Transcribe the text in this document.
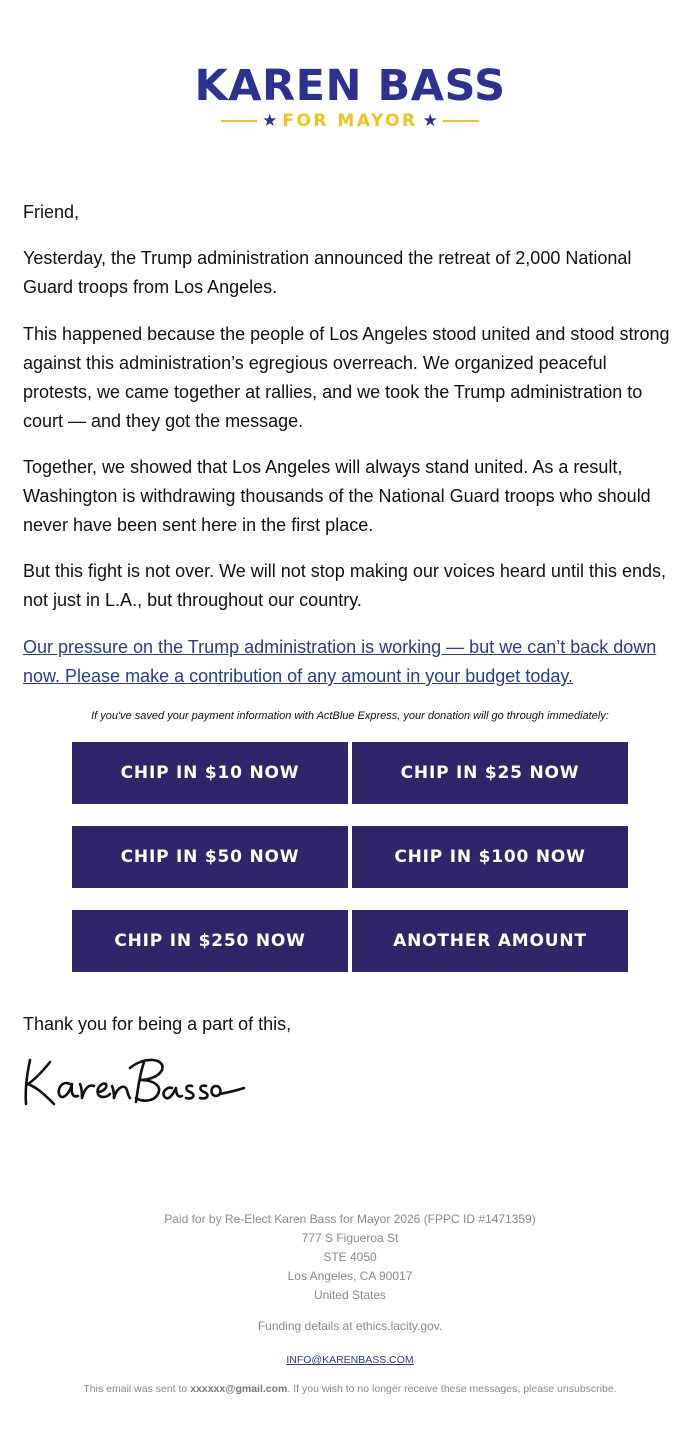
KAREN BASS
★ FOR MAYOR ★

Friend,

Yesterday, the Trump administration announced the retreat of 2,000 National Guard troops from Los Angeles.

This happened because the people of Los Angeles stood united and stood strong against this administration’s egregious overreach. We organized peaceful protests, we came together at rallies, and we took the Trump administration to court — and they got the message.

Together, we showed that Los Angeles will always stand united. As a result, Washington is withdrawing thousands of the National Guard troops who should never have been sent here in the first place.

But this fight is not over. We will not stop making our voices heard until this ends, not just in L.A., but throughout our country.

Our pressure on the Trump administration is working — but we can’t back down now. Please make a contribution of any amount in your budget today.

If you've saved your payment information with ActBlue Express, your donation will go through immediately:
CHIP IN $10 NOW	CHIP IN $25 NOW
CHIP IN $50 NOW	CHIP IN $100 NOW
CHIP IN $250 NOW	ANOTHER AMOUNT
Thank you for being a part of this,
Paid for by Re-Elect Karen Bass for Mayor 2026 (FPPC ID #1471359)
777 S Figueroa St
STE 4050
Los Angeles, CA 90017
United States
Funding details at ethics.lacity.gov.
INFO@KARENBASS.COM
This email was sent to xxxxxx@gmail.com. If you wish to no longer receive these messages, please unsubscribe.
